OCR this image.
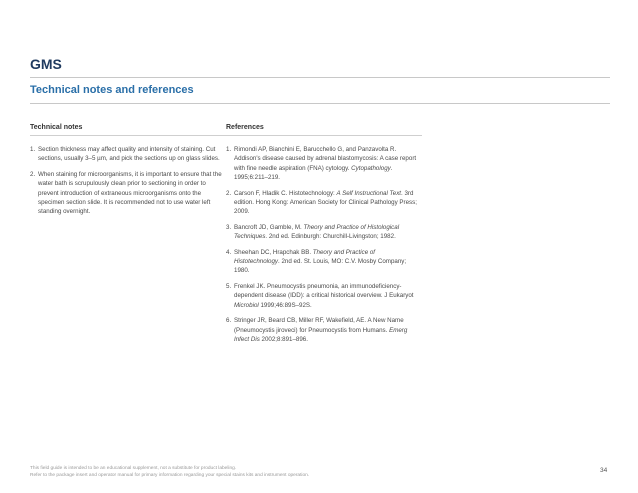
GMS
Technical notes and references
Technical notes
1. Section thickness may affect quality and intensity of staining. Cut sections, usually 3–5 µm, and pick the sections up on glass slides.
2. When staining for microorganisms, it is important to ensure that the water bath is scrupulously clean prior to sectioning in order to prevent introduction of extraneous microorganisms onto the specimen section slide. It is recommended not to use water left standing overnight.
References
1. Rimondi AP, Bianchini E, Barucchello G, and Panzavolta R. Addison's disease caused by adrenal blastomycosis: A case report with fine needle aspiration (FNA) cytology. Cytopathology. 1995;6:211–219.
2. Carson F, Hladik C. Histotechnology: A Self Instructional Text. 3rd edition. Hong Kong: American Society for Clinical Pathology Press; 2009.
3. Bancroft JD, Gamble, M. Theory and Practice of Histological Techniques. 2nd ed. Edinburgh: Churchill-Livingston; 1982.
4. Sheehan DC, Hrapchak BB. Theory and Practice of Histotechnology. 2nd ed. St. Louis, MO: C.V. Mosby Company; 1980.
5. Frenkel JK. Pneumocystis pneumonia, an immunodeficiency-dependent disease (IDD): a critical historical overview. J Eukaryot Microbiol 1999;46:89S–92S.
6. Stringer JR, Beard CB, Miller RF, Wakefield, AE. A New Name (Pneumocystis jiroveci) for Pneumocystis from Humans. Emerg Infect Dis 2002;8:891–896.
This field guide is intended to be an educational supplement, not a substitute for product labeling.
Refer to the package insert and operator manual for primary information regarding your special stains kits and instrument operation.
34
